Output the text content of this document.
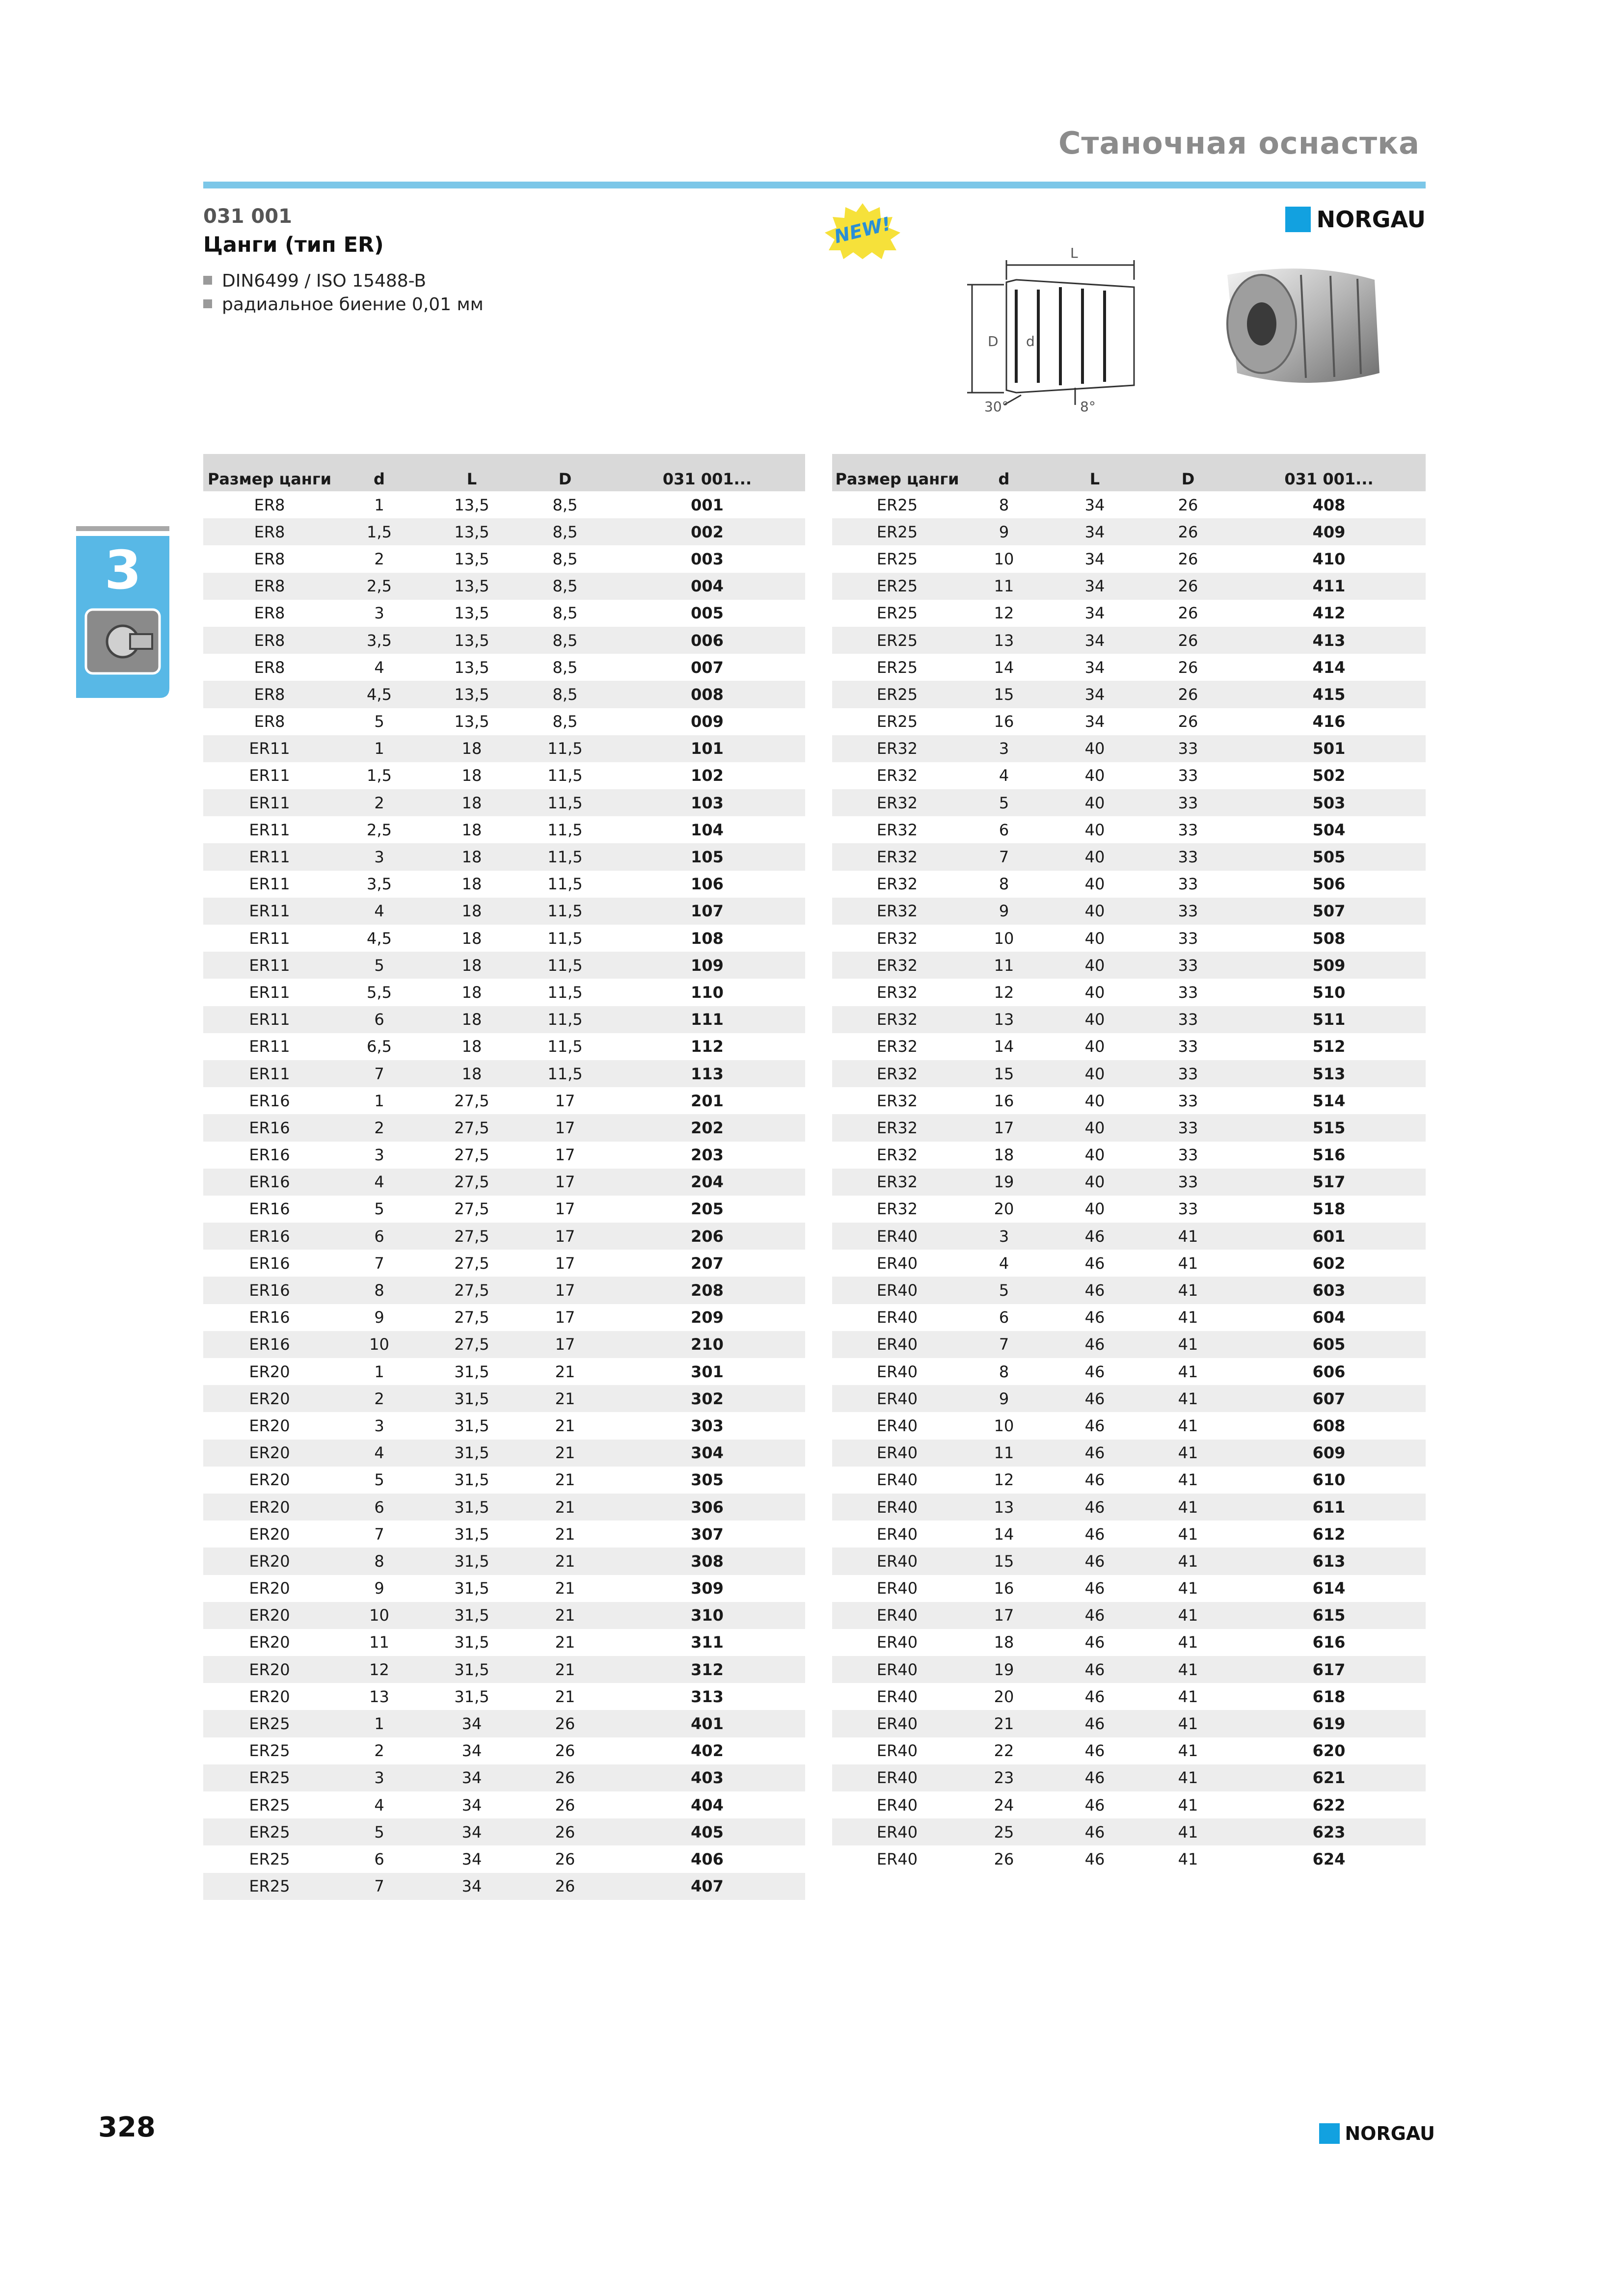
Станочная оснастка
031 001
Цанги (тип ER)
DIN6499 / ISO 15488-B
радиальное биение 0,01 мм
NEW!	NORGAU
L
D d
30°	8°
3
Размер цанги	d	L	D	031 001...
ER8	1	13,5	8,5	001
ER8	1,5	13,5	8,5	002
ER8	2	13,5	8,5	003
ER8	2,5	13,5	8,5	004
ER8	3	13,5	8,5	005
ER8	3,5	13,5	8,5	006
ER8	4	13,5	8,5	007
ER8	4,5	13,5	8,5	008
ER8	5	13,5	8,5	009
ER11	1	18	11,5	101
ER11	1,5	18	11,5	102
ER11	2	18	11,5	103
ER11	2,5	18	11,5	104
ER11	3	18	11,5	105
ER11	3,5	18	11,5	106
ER11	4	18	11,5	107
ER11	4,5	18	11,5	108
ER11	5	18	11,5	109
ER11	5,5	18	11,5	110
ER11	6	18	11,5	111
ER11	6,5	18	11,5	112
ER11	7	18	11,5	113
ER16	1	27,5	17	201
ER16	2	27,5	17	202
ER16	3	27,5	17	203
ER16	4	27,5	17	204
ER16	5	27,5	17	205
ER16	6	27,5	17	206
ER16	7	27,5	17	207
ER16	8	27,5	17	208
ER16	9	27,5	17	209
ER16	10	27,5	17	210
ER20	1	31,5	21	301
ER20	2	31,5	21	302
ER20	3	31,5	21	303
ER20	4	31,5	21	304
ER20	5	31,5	21	305
ER20	6	31,5	21	306
ER20	7	31,5	21	307
ER20	8	31,5	21	308
ER20	9	31,5	21	309
ER20	10	31,5	21	310
ER20	11	31,5	21	311
ER20	12	31,5	21	312
ER20	13	31,5	21	313
ER25	1	34	26	401
ER25	2	34	26	402
ER25	3	34	26	403
ER25	4	34	26	404
ER25	5	34	26	405
ER25	6	34	26	406
ER25	7	34	26	407
Размер цанги	d	L	D	031 001...
ER25	8	34	26	408
ER25	9	34	26	409
ER25	10	34	26	410
ER25	11	34	26	411
ER25	12	34	26	412
ER25	13	34	26	413
ER25	14	34	26	414
ER25	15	34	26	415
ER25	16	34	26	416
ER32	3	40	33	501
ER32	4	40	33	502
ER32	5	40	33	503
ER32	6	40	33	504
ER32	7	40	33	505
ER32	8	40	33	506
ER32	9	40	33	507
ER32	10	40	33	508
ER32	11	40	33	509
ER32	12	40	33	510
ER32	13	40	33	511
ER32	14	40	33	512
ER32	15	40	33	513
ER32	16	40	33	514
ER32	17	40	33	515
ER32	18	40	33	516
ER32	19	40	33	517
ER32	20	40	33	518
ER40	3	46	41	601
ER40	4	46	41	602
ER40	5	46	41	603
ER40	6	46	41	604
ER40	7	46	41	605
ER40	8	46	41	606
ER40	9	46	41	607
ER40	10	46	41	608
ER40	11	46	41	609
ER40	12	46	41	610
ER40	13	46	41	611
ER40	14	46	41	612
ER40	15	46	41	613
ER40	16	46	41	614
ER40	17	46	41	615
ER40	18	46	41	616
ER40	19	46	41	617
ER40	20	46	41	618
ER40	21	46	41	619
ER40	22	46	41	620
ER40	23	46	41	621
ER40	24	46	41	622
ER40	25	46	41	623
ER40	26	46	41	624
328	NORGAU
